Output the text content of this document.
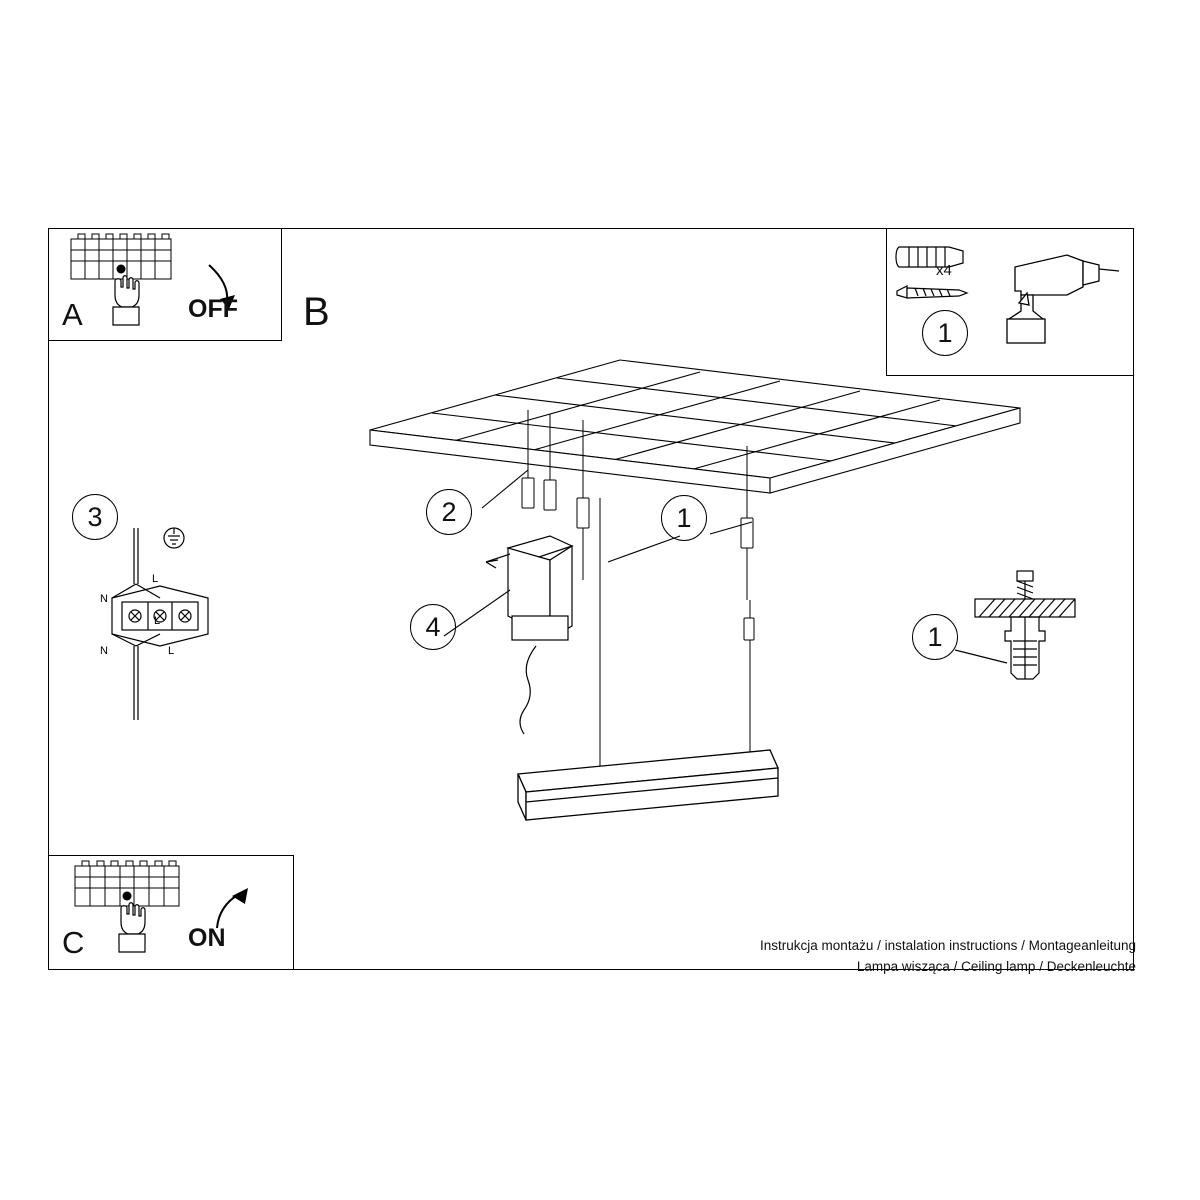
B
A	OFF
C	ON
1
x4
3
N
L
N	L
L
1
2	1
4
Instrukcja montażu / instalation instructions / Montageanleitung
Lampa wisząca / Ceiling lamp / Deckenleuchte
